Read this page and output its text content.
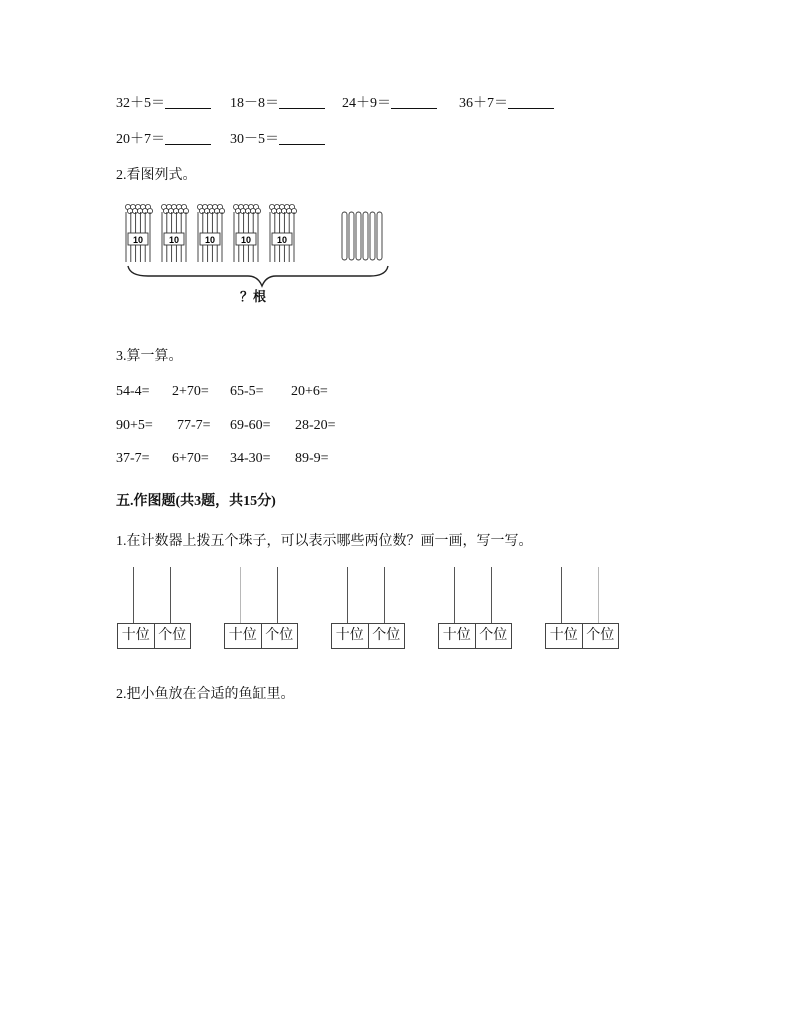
32＋5＝	18－8＝	24＋9＝	36＋7＝
20＋7＝	30－5＝
2.看图列式。
10	10	10	10	10
？根
3.算一算。
54-4= 2+70= 65-5= 20+6=
90+5= 77-7= 69-60= 28-20=
37-7= 6+70= 34-30= 89-9=
五.作图题(共3题，共15分)
1.在计数器上拨五个珠子，可以表示哪些两位数？画一画，写一写。
十位 个位	十位 个位	十位 个位	十位 个位	十位 个位
2.把小鱼放在合适的鱼缸里。
